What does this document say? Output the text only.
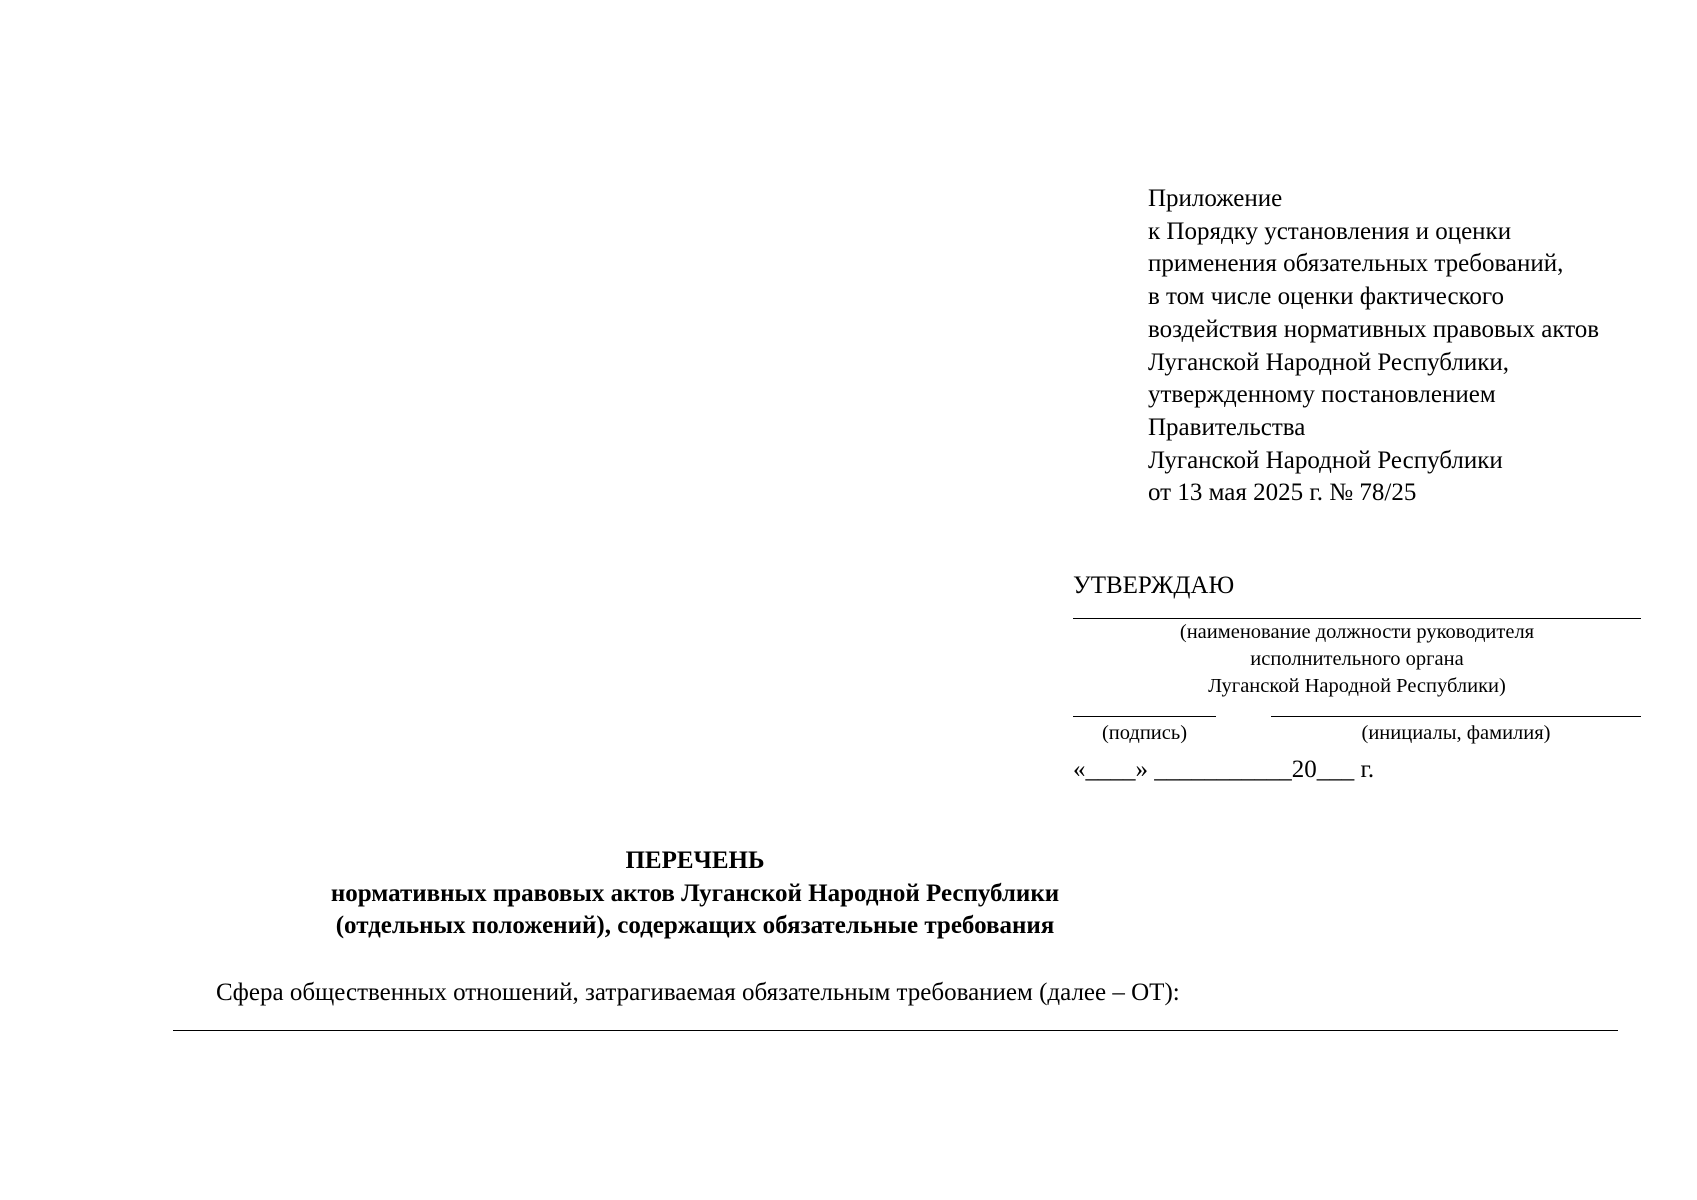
Приложение
к Порядку установления и оценки
применения обязательных требований,
в том числе оценки фактического
воздействия нормативных правовых актов
Луганской Народной Республики,
утвержденному постановлением
Правительства
Луганской Народной Республики
от 13 мая 2025 г. № 78/25
УТВЕРЖДАЮ
(наименование должности руководителя
исполнительного органа
Луганской Народной Республики)
(подпись)	(инициалы, фамилия)
«____» ___________20___ г.
ПЕРЕЧЕНЬ
нормативных правовых актов Луганской Народной Республики
(отдельных положений), содержащих обязательные требования
Сфера общественных отношений, затрагиваемая обязательным требованием (далее – ОТ):
